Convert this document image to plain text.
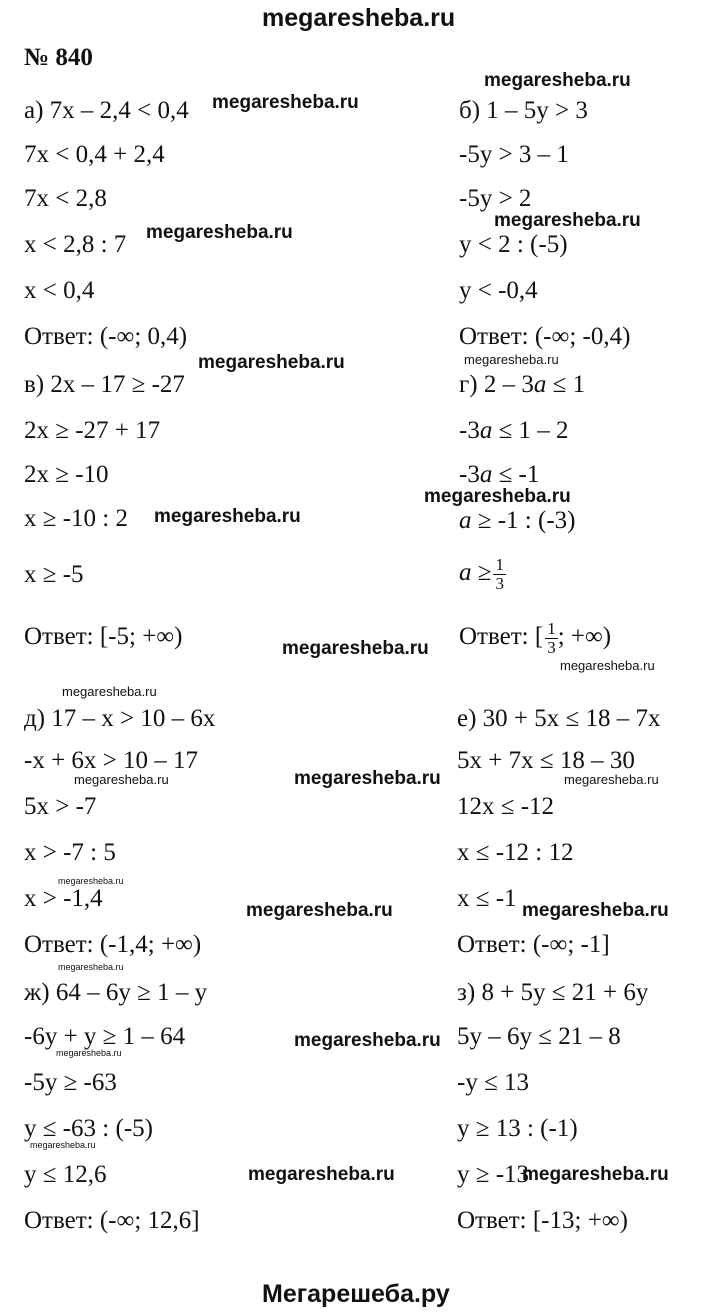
megaresheba.ru
№ 840
Мегарешеба.ру
а) 7x – 2,4 < 0,4
7x < 0,4 + 2,4
7x < 2,8
x < 2,8 : 7
x < 0,4
Ответ: (-∞; 0,4)
б) 1 – 5y > 3
-5y > 3 – 1
-5y > 2
y < 2 : (-5)
y < -0,4
Ответ: (-∞; -0,4)
в) 2x – 17 ≥ -27
2x ≥ -27 + 17
2x ≥ -10
x ≥ -10 : 2
x ≥ -5
Ответ: [-5; +∞)
г) 2 – 3a ≤ 1
-3a ≤ 1 – 2
-3a ≤ -1
a ≥ -1 : (-3)
$a \ge \frac{1}{3}$
Ответ: [ $\frac{1}{3}$ ; +∞)
д) 17 – x > 10 – 6x
-x + 6x > 10 – 17
5x > -7
x > -7 : 5
x > -1,4
Ответ: (-1,4; +∞)
е) 30 + 5x ≤ 18 – 7x
5x + 7x ≤ 18 – 30
12x ≤ -12
x ≤ -12 : 12
x ≤ -1
Ответ: (-∞; -1]
ж) 64 – 6y ≥ 1 – y
-6y + y ≥ 1 – 64
-5y ≥ -63
y ≤ -63 : (-5)
y ≤ 12,6
Ответ: (-∞; 12,6]
з) 8 + 5y ≤ 21 + 6y
5y – 6y ≤ 21 – 8
-y ≤ 13
y ≥ 13 : (-1)
y ≥ -13
Ответ: [-13; +∞)
megaresheba.ru
megaresheba.ru
megaresheba.ru
megaresheba.ru
megaresheba.ru	megaresheba.ru
megaresheba.ru
megaresheba.ru
megaresheba.ru
megaresheba.ru
megaresheba.ru
megaresheba.ru	megaresheba.ru	megaresheba.ru
megaresheba.ru
megaresheba.ru	megaresheba.ru
megaresheba.ru
megaresheba.ru
megaresheba.ru
megaresheba.ru
megaresheba.ru	megaresheba.ru
